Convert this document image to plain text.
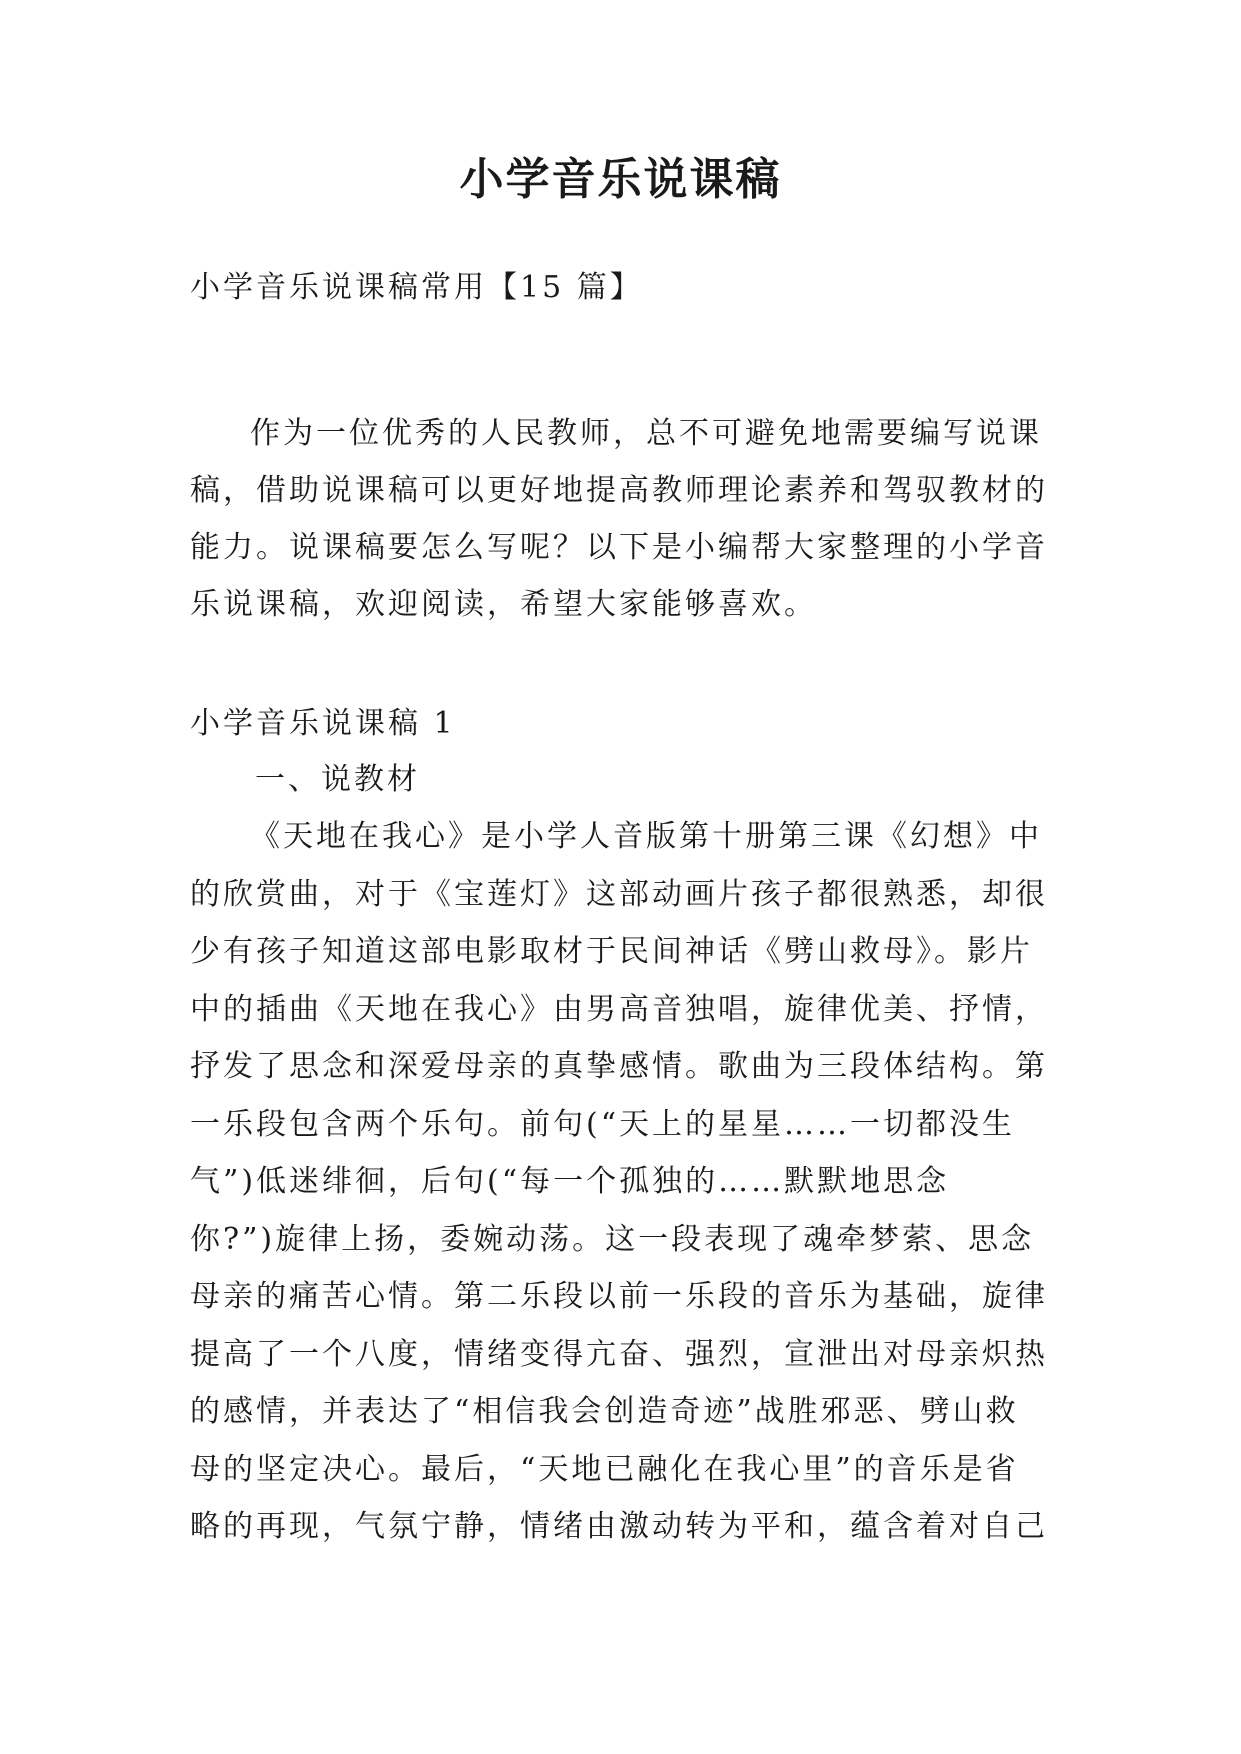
小学音乐说课稿
小学音乐说课稿常用【15 篇】
作为一位优秀的人民教师，总不可避免地需要编写说课
稿，借助说课稿可以更好地提高教师理论素养和驾驭教材的
能力。说课稿要怎么写呢？以下是小编帮大家整理的小学音
乐说课稿，欢迎阅读，希望大家能够喜欢。
小学音乐说课稿 1
一、说教材
《天地在我心》是小学人音版第十册第三课《幻想》中
的欣赏曲，对于《宝莲灯》这部动画片孩子都很熟悉，却很
少有孩子知道这部电影取材于民间神话《劈山救母》。影片
中的插曲《天地在我心》由男高音独唱，旋律优美、抒情，
抒发了思念和深爱母亲的真挚感情。歌曲为三段体结构。第
一乐段包含两个乐句。前句(“天上的星星……一切都没生
气”)低迷绯徊，后句(“每一个孤独的……默默地思念
你?”)旋律上扬，委婉动荡。这一段表现了魂牵梦萦、思念
母亲的痛苦心情。第二乐段以前一乐段的音乐为基础，旋律
提高了一个八度，情绪变得亢奋、强烈，宣泄出对母亲炽热
的感情，并表达了“相信我会创造奇迹”战胜邪恶、劈山救
母的坚定决心。最后，“天地已融化在我心里”的音乐是省
略的再现，气氛宁静，情绪由激动转为平和，蕴含着对自己
